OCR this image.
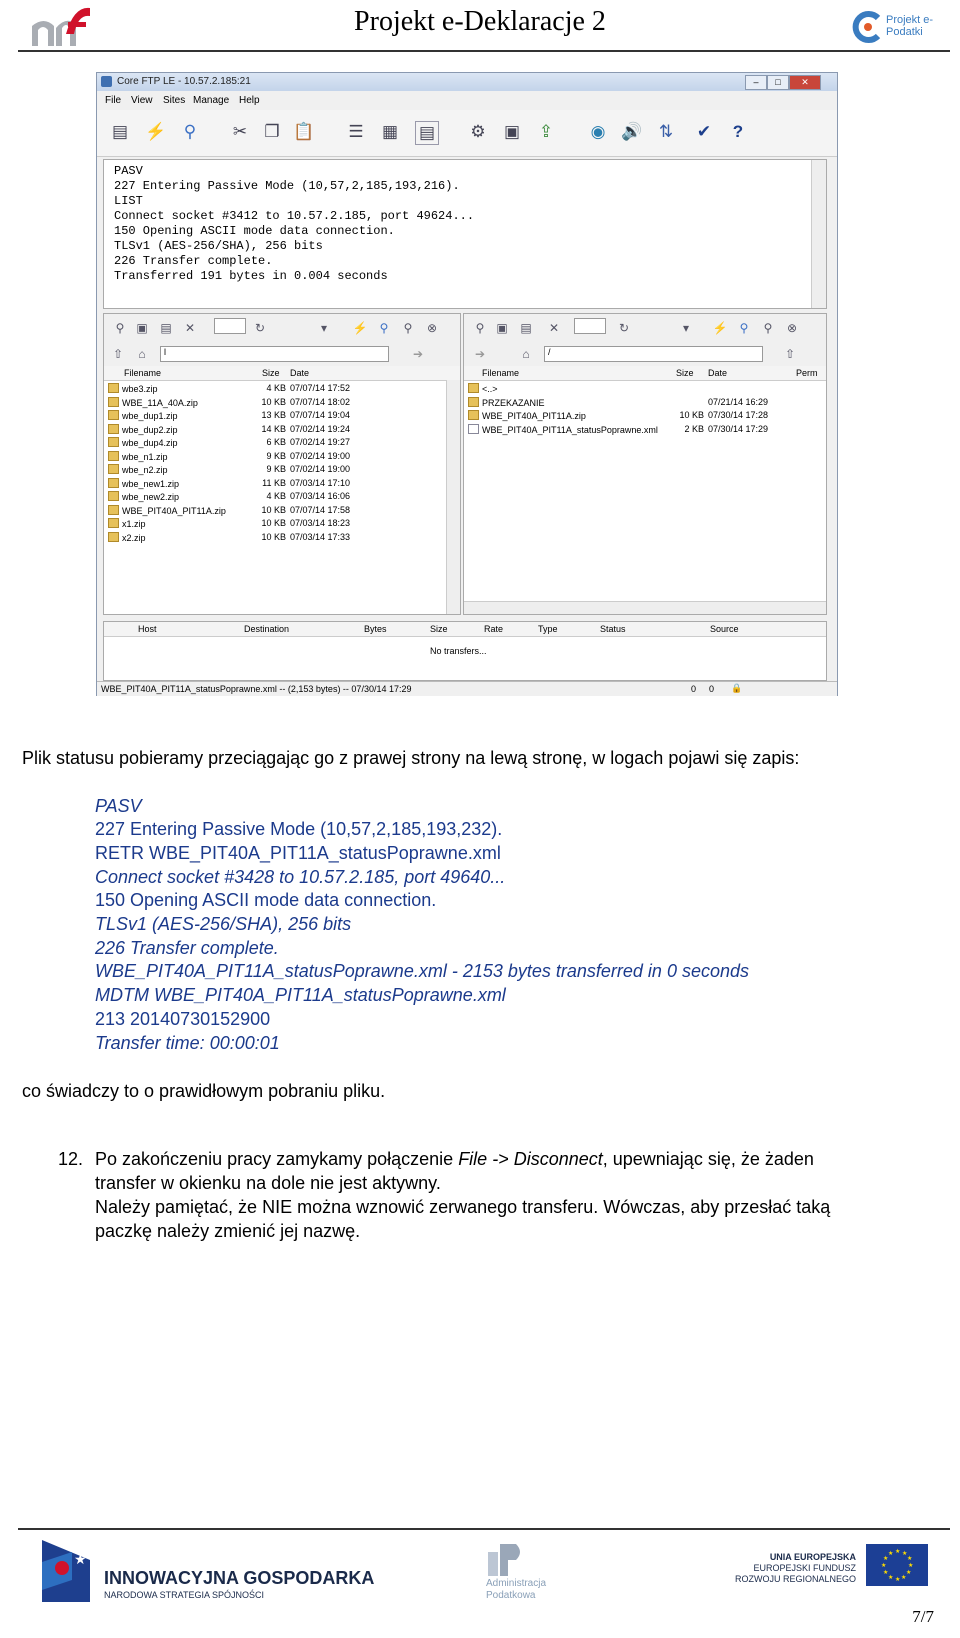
Projekt e-Deklaracje 2	Projekt e-Podatki
Core FTP LE - 10.57.2.185:21	–	□	✕
File View Sites Manage Help
▤ ⚡ ⚲ ✂ ❐ 📋 ☰ ▦ ▤ ⚙ ▣ ⇪ ◉ 🔊 ⇅ ✔	?
PASV
227 Entering Passive Mode (10,57,2,185,193,216).
LIST
Connect socket #3412 to 10.57.2.185, port 49624...
150 Opening ASCII mode data connection.
TLSv1 (AES-256/SHA), 256 bits
226 Transfer complete.
Transferred 191 bytes in 0.004 seconds
⚲ ▣ ▤ ✕	↻	▾	⚡ ⚲	⚲	⊗
⇧	⌂	l	➔
Filename	Size Date
wbe3.zip	4 KB 07/07/14 17:52
WBE_11A_40A.zip	10 KB 07/07/14 18:02
wbe_dup1.zip	13 KB 07/07/14 19:04
wbe_dup2.zip	14 KB 07/02/14 19:24
wbe_dup4.zip	6 KB 07/02/14 19:27
wbe_n1.zip	9 KB 07/02/14 19:00
wbe_n2.zip	9 KB 07/02/14 19:00
wbe_new1.zip	11 KB 07/03/14 17:10
wbe_new2.zip	4 KB 07/03/14 16:06
WBE_PIT40A_PIT11A.zip	10 KB 07/07/14 17:58
x1.zip	10 KB 07/03/14 18:23
x2.zip	10 KB 07/03/14 17:33
⚲ ▣ ▤ ✕	↻	▾	⚡ ⚲	⚲	⊗
➔	⌂	/	⇧
Filename	Size Date	Perm
<..>
PRZEKAZANIE	07/21/14 16:29
WBE_PIT40A_PIT11A.zip	10 KB 07/30/14 17:28
WBE_PIT40A_PIT11A_statusPoprawne.xml	2 KB 07/30/14 17:29
Host	Destination	Bytes	Size	Rate	Type	Status	Source
No transfers...
WBE_PIT40A_PIT11A_statusPoprawne.xml -- (2,153 bytes) -- 07/30/14 17:29	0 0 🔒
Plik statusu pobieramy przeciągając go z prawej strony na lewą stronę, w logach pojawi się zapis:
PASV
227 Entering Passive Mode (10,57,2,185,193,232).
RETR WBE_PIT40A_PIT11A_statusPoprawne.xml
Connect socket #3428 to 10.57.2.185, port 49640...
150 Opening ASCII mode data connection.
TLSv1 (AES-256/SHA), 256 bits
226 Transfer complete.
WBE_PIT40A_PIT11A_statusPoprawne.xml - 2153 bytes transferred in 0 seconds
MDTM WBE_PIT40A_PIT11A_statusPoprawne.xml
213 20140730152900
Transfer time: 00:00:01
co świadczy to o prawidłowym pobraniu pliku.
12. Po zakończeniu pracy zamykamy połączenie File -> Disconnect, upewniając się, że żaden
transfer w okienku na dole nie jest aktywny.
Należy pamiętać, że NIE można wznowić zerwanego transferu. Wówczas, aby przesłać taką
paczkę należy zmienić jej nazwę.
★
INNOWACYJNA GOSPODARKA
NARODOWA STRATEGIA SPÓJNOŚCI
Administracja
Podatkowa
UNIA EUROPEJSKA
EUROPEJSKI FUNDUSZ
ROZWOJU REGIONALNEGO
★ ★
★
★
★
★
★
★
★
★
★
★
7/7
